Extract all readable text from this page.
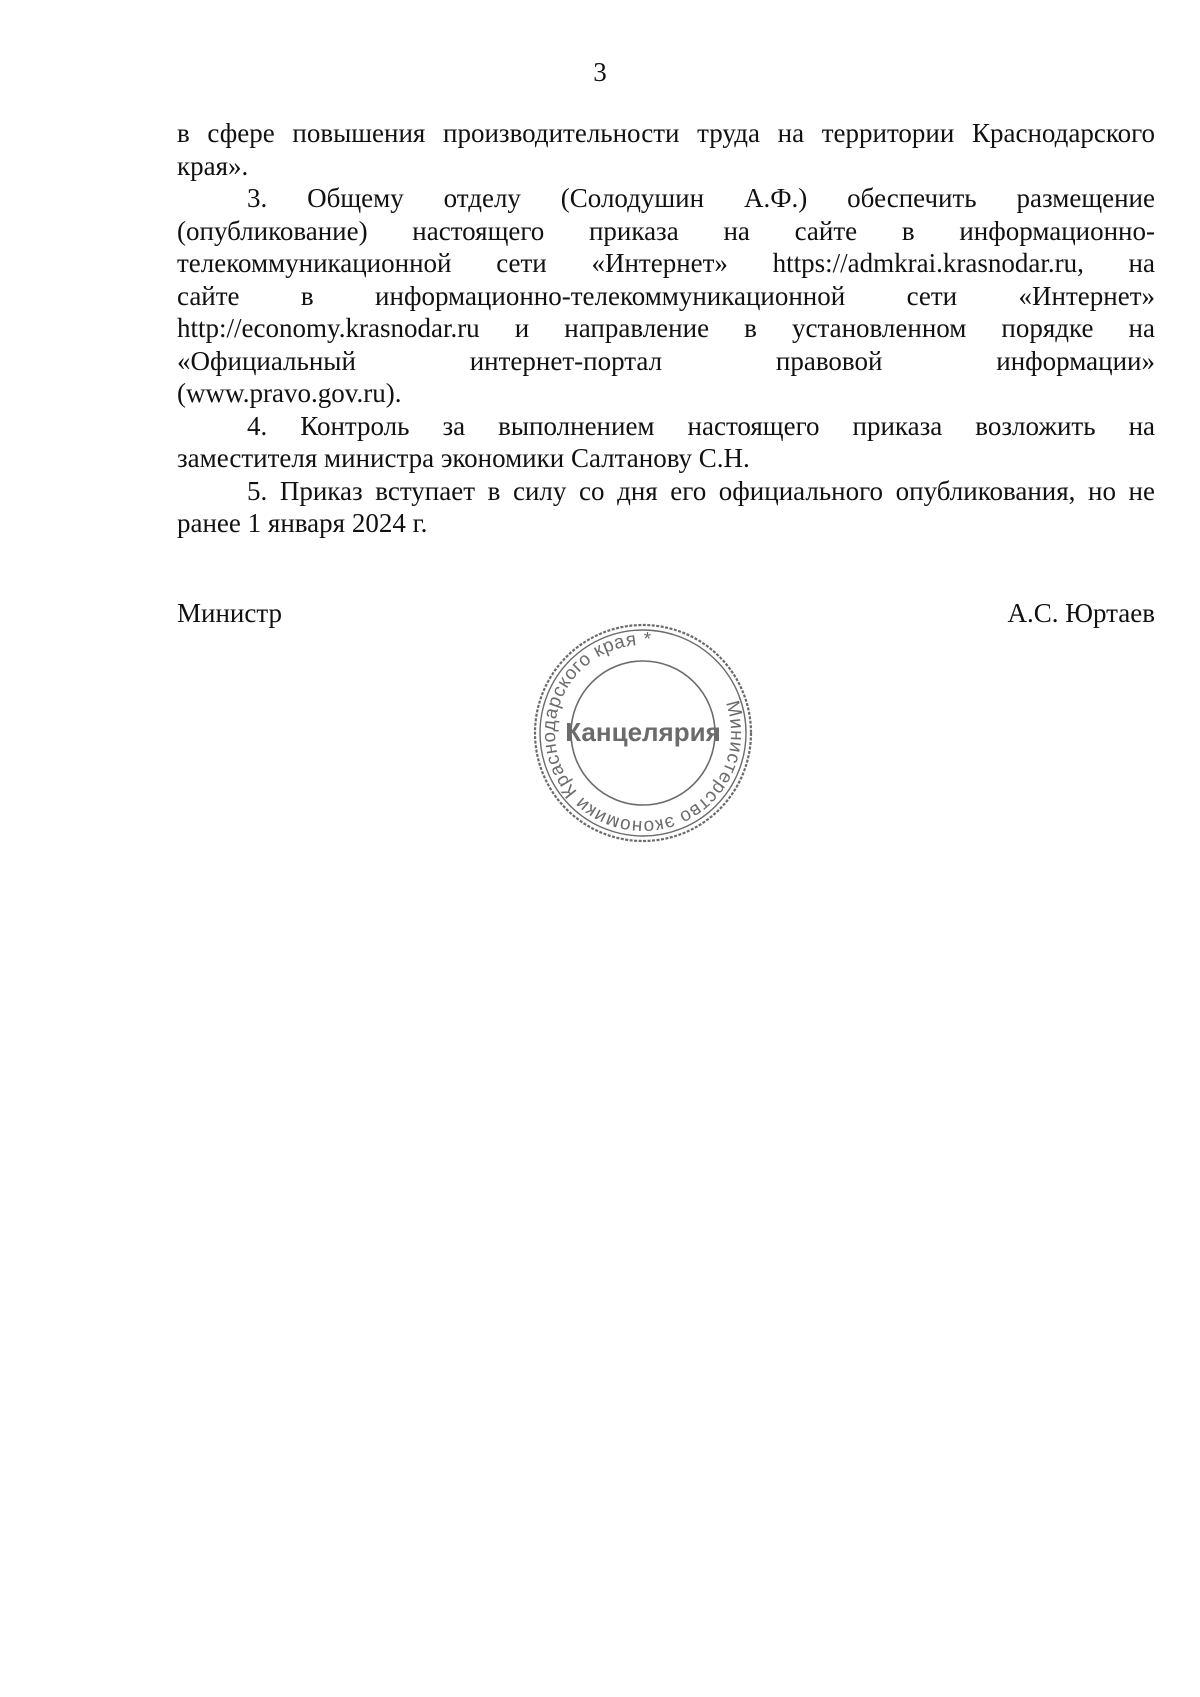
3

в сфере повышения производительности труда на территории Краснодарского
края».

3. Общему отделу (Солодушин А.Ф.) обеспечить размещение
(опубликование) настоящего приказа на сайте в информационно-
телекоммуникационной сети «Интернет» https://admkrai.krasnodar.ru, на
сайте в информационно-телекоммуникационной сети «Интернет»
http://economy.krasnodar.ru и направление в установленном порядке на
«Официальный интернет-портал правовой информации»
(www.pravo.gov.ru).

4. Контроль за выполнением настоящего приказа возложить на
заместителя министра экономики Салтанову С.Н.

5. Приказ вступает в силу со дня его официального опубликования, но не
ранее 1 января 2024 г.

Министр	А.С. Юртаев
Министерство экономики Краснодарского края *
Канцелярия
